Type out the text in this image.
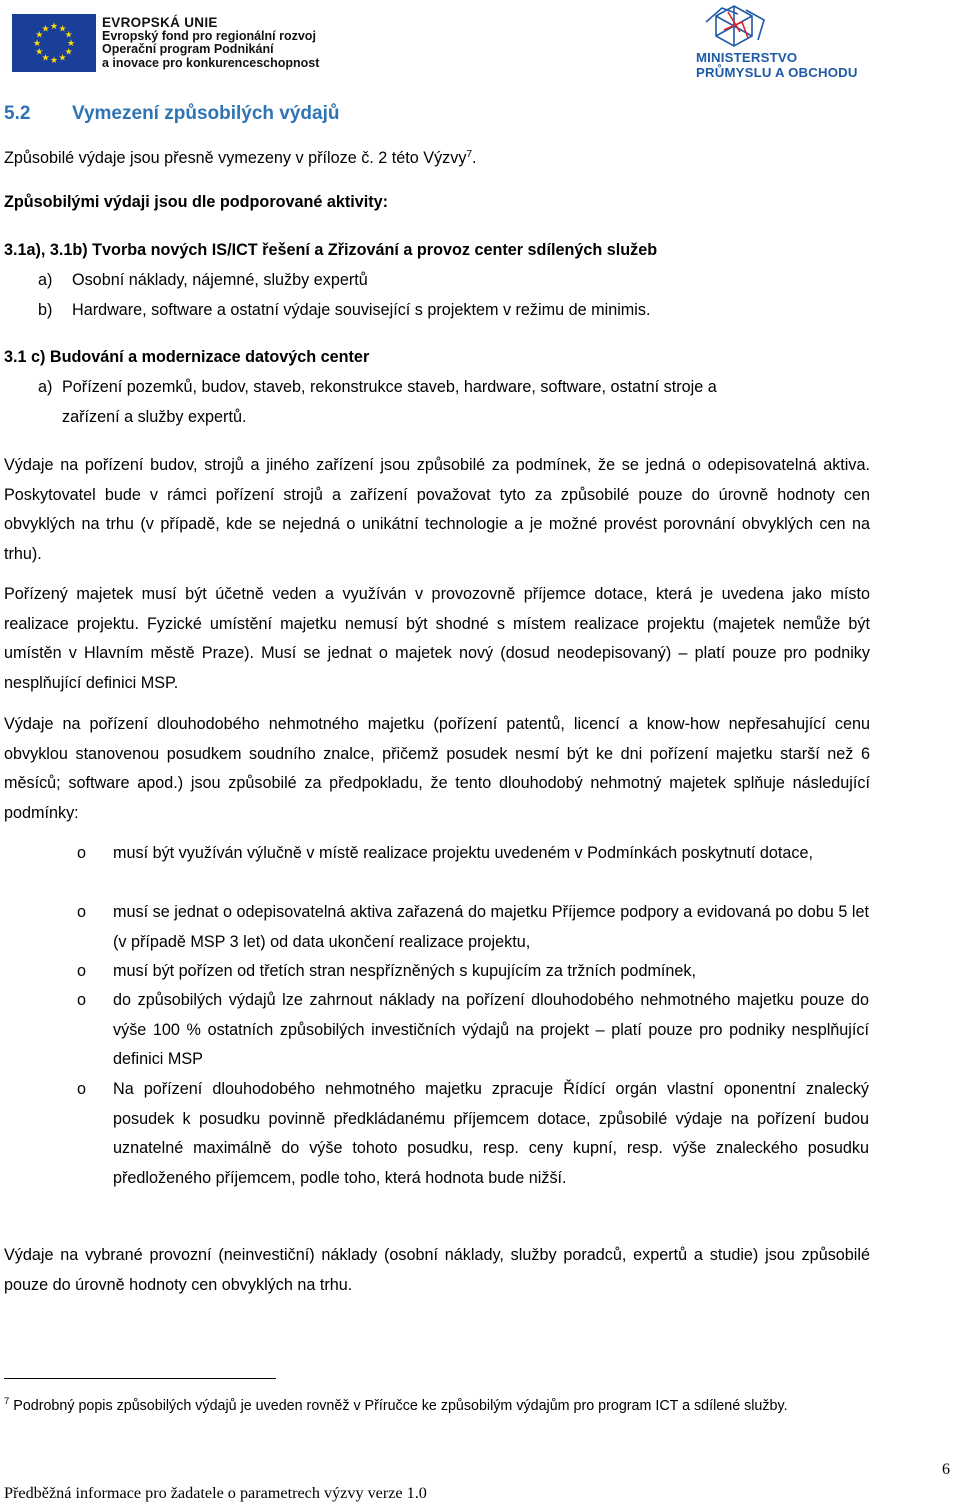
★ ★
★
★
★
★
★
★
★
★
★
★	EVROPSKÁ UNIE
Evropský fond pro regionální rozvoj
Operační program Podnikání
a inovace pro konkurenceschopnost	MINISTERSTVO
PRŮMYSLU A OBCHODU
5.2 Vymezení způsobilých výdajů
Způsobilé výdaje jsou přesně vymezeny v příloze č. 2 této Výzvy$^7$.
Způsobilými výdaji jsou dle podporované aktivity:
3.1a), 3.1b) Tvorba nových IS/ICT řešení a Zřizování a provoz center sdílených služeb
a) Osobní náklady, nájemné, služby expertů
b) Hardware, software a ostatní výdaje související s projektem v režimu de minimis.
3.1 c) Budování a modernizace datových center
a) Pořízení pozemků, budov, staveb, rekonstrukce staveb, hardware, software, ostatní stroje a
zařízení a služby expertů.
Výdaje na pořízení budov, strojů a jiného zařízení jsou způsobilé za podmínek, že se jedná o odepisovatelná aktiva. Poskytovatel bude v rámci pořízení strojů a zařízení považovat tyto za způsobilé pouze do úrovně hodnoty cen obvyklých na trhu (v případě, kde se nejedná o unikátní technologie a je možné provést porovnání obvyklých cen na trhu).
Pořízený majetek musí být účetně veden a využíván v provozovně příjemce dotace, která je uvedena jako místo realizace projektu. Fyzické umístění majetku nemusí být shodné s místem realizace projektu (majetek nemůže být umístěn v Hlavním městě Praze). Musí se jednat o majetek nový (dosud neodepisovaný) – platí pouze pro podniky nesplňující definici MSP.
Výdaje na pořízení dlouhodobého nehmotného majetku (pořízení patentů, licencí a know-how nepřesahující cenu obvyklou stanovenou posudkem soudního znalce, přičemž posudek nesmí být ke dni pořízení majetku starší než 6 měsíců; software apod.) jsou způsobilé za předpokladu, že tento dlouhodobý nehmotný majetek splňuje následující podmínky:
o musí být využíván výlučně v místě realizace projektu uvedeném v Podmínkách poskytnutí dotace,
o musí se jednat o odepisovatelná aktiva zařazená do majetku Příjemce podpory a evidovaná po dobu 5 let (v případě MSP 3 let) od data ukončení realizace projektu,
o musí být pořízen od třetích stran nespřízněných s kupujícím za tržních podmínek,
o do způsobilých výdajů lze zahrnout náklady na pořízení dlouhodobého nehmotného majetku pouze do výše 100 % ostatních způsobilých investičních výdajů na projekt – platí pouze pro podniky nesplňující definici MSP
o Na pořízení dlouhodobého nehmotného majetku zpracuje Řídící orgán vlastní oponentní znalecký posudek k posudku povinně předkládanému příjemcem dotace, způsobilé výdaje na pořízení budou uznatelné maximálně do výše tohoto posudku, resp. ceny kupní, resp. výše znaleckého posudku předloženého příjemcem, podle toho, která hodnota bude nižší.
Výdaje na vybrané provozní (neinvestiční) náklady (osobní náklady, služby poradců, expertů a studie) jsou způsobilé pouze do úrovně hodnoty cen obvyklých na trhu.
$^7$ Podrobný popis způsobilých výdajů je uveden rovněž v Příručce ke způsobilým výdajům pro program ICT a sdílené služby.
6
Předběžná informace pro žadatele o parametrech výzvy verze 1.0
